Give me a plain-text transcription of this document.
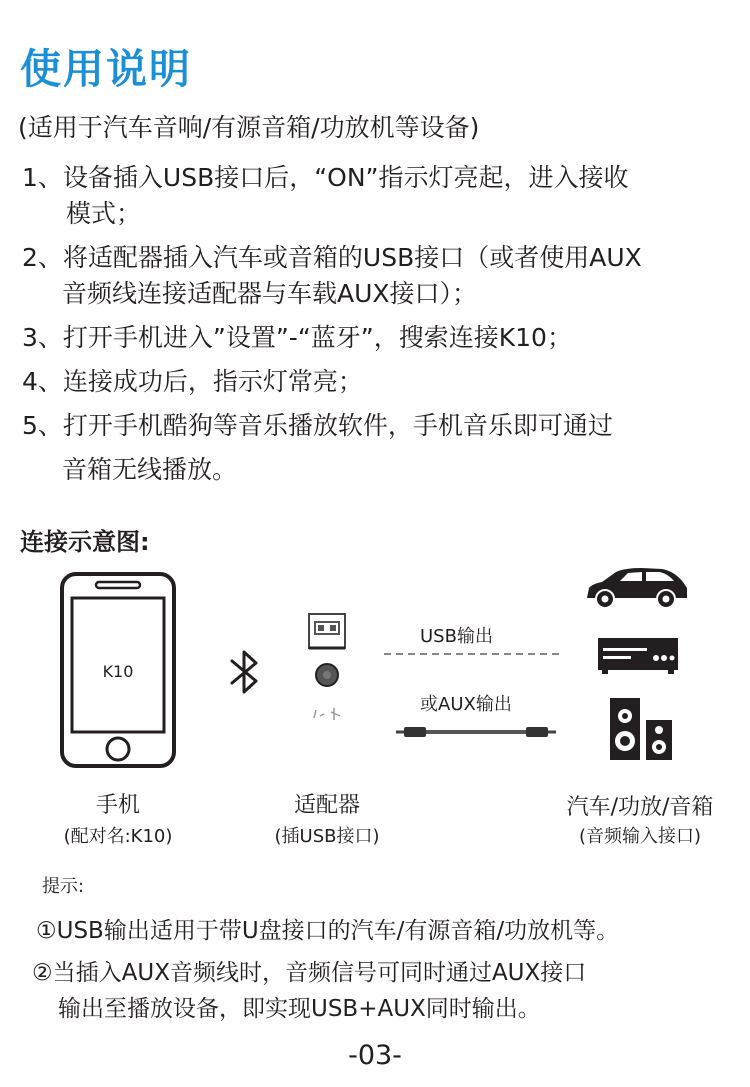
使用说明
(适用于汽车音响/有源音箱/功放机等设备)
1、设备插入USB接口后，“ON”指示灯亮起，进入接收
模式；
2、将适配器插入汽车或音箱的USB接口（或者使用AUX
音频线连接适配器与车载AUX接口）；
3、打开手机进入”设置”-“蓝牙”，搜索连接K10；
4、连接成功后，指示灯常亮；
5、打开手机酷狗等音乐播放软件，手机音乐即可通过
音箱无线播放。
连接示意图:
K10
USB输出
或AUX输出
手机
(配对名:K10)
适配器
(插USB接口)
汽车/功放/音箱
(音频输入接口)
提示:
①USB输出适用于带U盘接口的汽车/有源音箱/功放机等。
②当插入AUX音频线时，音频信号可同时通过AUX接口
输出至播放设备，即实现USB+AUX同时输出。
-03-
